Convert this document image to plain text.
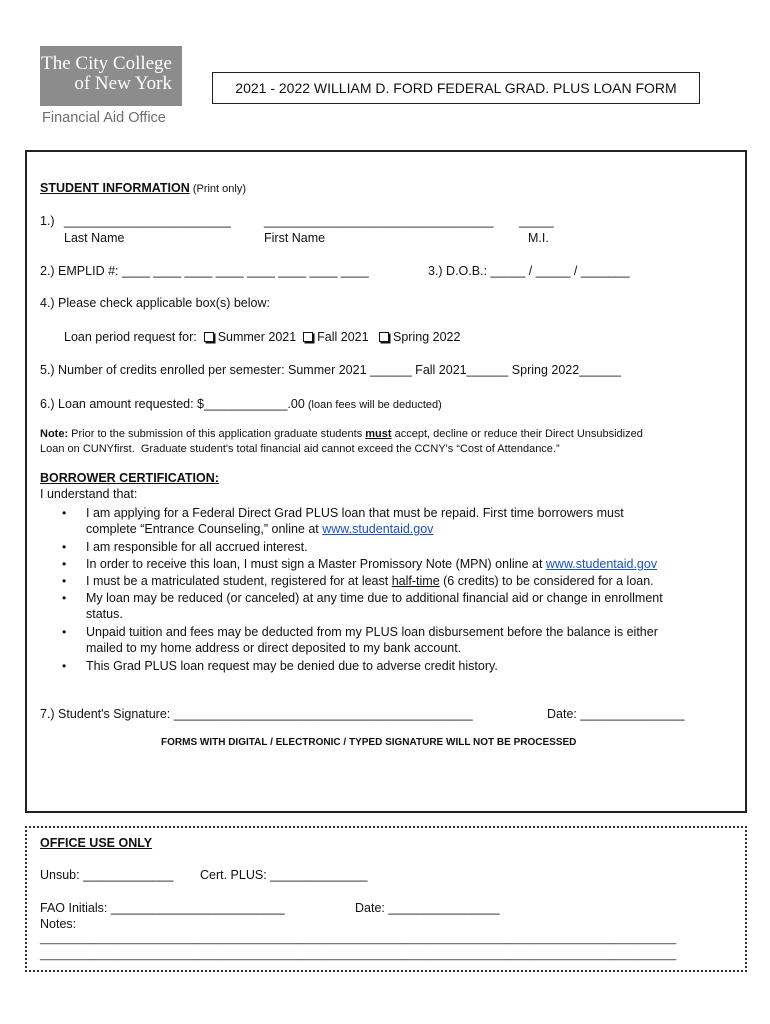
The City College
of New York
Financial Aid Office
2021 - 2022 WILLIAM D. FORD FEDERAL GRAD. PLUS LOAN FORM
STUDENT INFORMATION (Print only)
1.) ________________________	_________________________________ _____
Last Name	First Name	M.I.
2.) EMPLID #: ____ ____ ____ ____ ____ ____ ____ ____	3.) D.O.B.: _____ / _____ / _______
4.) Please check applicable box(s) below:
Loan period request for: Summer 2021 Fall 2021 Spring 2022
5.) Number of credits enrolled per semester: Summer 2021 ______ Fall 2021______ Spring 2022______
6.) Loan amount requested: $____________.00 (loan fees will be deducted)
Note: Prior to the submission of this application graduate students must accept, decline or reduce their Direct Unsubsidized
Loan on CUNYfirst.  Graduate student's total financial aid cannot exceed the CCNY's “Cost of Attendance.”
BORROWER CERTIFICATION:
I understand that:
• I am applying for a Federal Direct Grad PLUS loan that must be repaid. First time borrowers must
complete “Entrance Counseling,” online at www.studentaid.gov
• I am responsible for all accrued interest.
• In order to receive this loan, I must sign a Master Promissory Note (MPN) online at www.studentaid.gov
• I must be a matriculated student, registered for at least half-time (6 credits) to be considered for a loan.
• My loan may be reduced (or canceled) at any time due to additional financial aid or change in enrollment
status.
• Unpaid tuition and fees may be deducted from my PLUS loan disbursement before the balance is either
mailed to my home address or direct deposited to my bank account.
• This Grad PLUS loan request may be denied due to adverse credit history.
7.) Student's Signature: ___________________________________________	Date: _______________
FORMS WITH DIGITAL / ELECTRONIC / TYPED SIGNATURE WILL NOT BE PROCESSED
OFFICE USE ONLY
Unsub: _____________ Cert. PLUS: ______________
FAO Initials: _________________________	Date: ________________
Notes:
________________________________________________________________________________________________________
________________________________________________________________________________________________________
